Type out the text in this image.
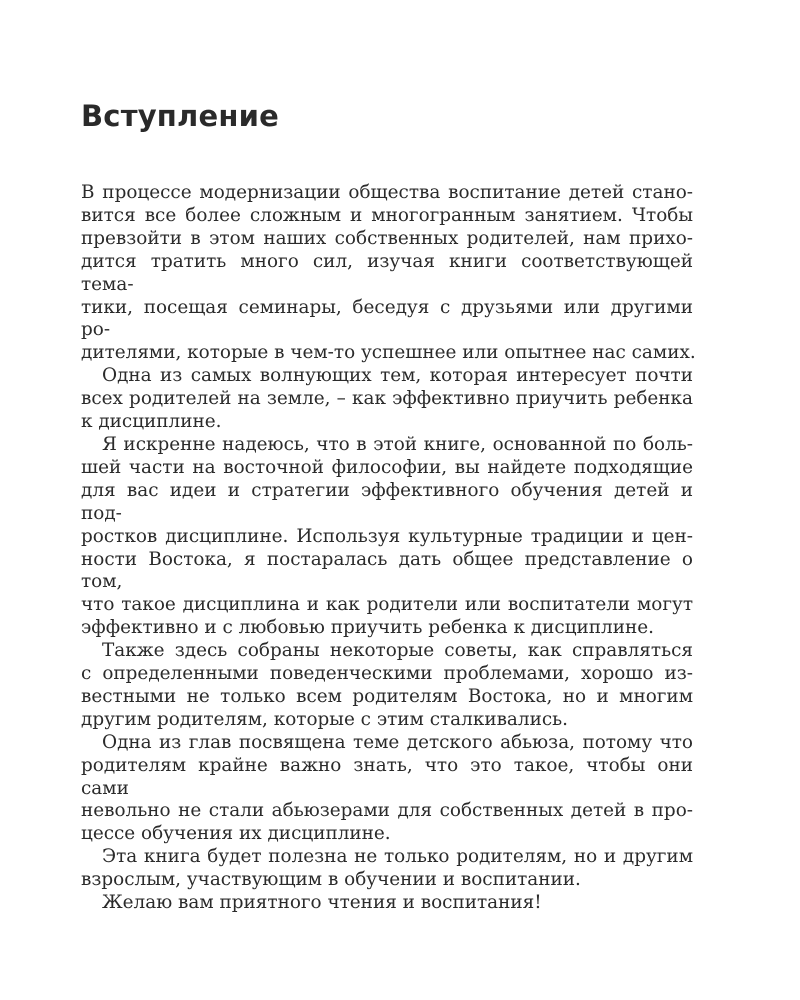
Вступление

В процессе модернизации общества воспитание детей стано-
вится все более сложным и многогранным занятием. Чтобы
превзойти в этом наших собственных родителей, нам прихо-
дится тратить много сил, изучая книги соответствующей тема-
тики, посещая семинары, беседуя с друзьями или другими ро-
дителями, которые в чем-то успешнее или опытнее нас самих.

Одна из самых волнующих тем, которая интересует почти
всех родителей на земле, – как эффективно приучить ребенка
к дисциплине.

Я искренне надеюсь, что в этой книге, основанной по боль-
шей части на восточной философии, вы найдете подходящие
для вас идеи и стратегии эффективного обучения детей и под-
ростков дисциплине. Используя культурные традиции и цен-
ности Востока, я постаралась дать общее представление о том,
что такое дисциплина и как родители или воспитатели могут
эффективно и с любовью приучить ребенка к дисциплине.

Также здесь собраны некоторые советы, как справляться
с определенными поведенческими проблемами, хорошо из-
вестными не только всем родителям Востока, но и многим
другим родителям, которые с этим сталкивались.

Одна из глав посвящена теме детского абьюза, потому что
родителям крайне важно знать, что это такое, чтобы они сами
невольно не стали абьюзерами для собственных детей в про-
цессе обучения их дисциплине.

Эта книга будет полезна не только родителям, но и другим
взрослым, участвующим в обучении и воспитании.

Желаю вам приятного чтения и воспитания!
